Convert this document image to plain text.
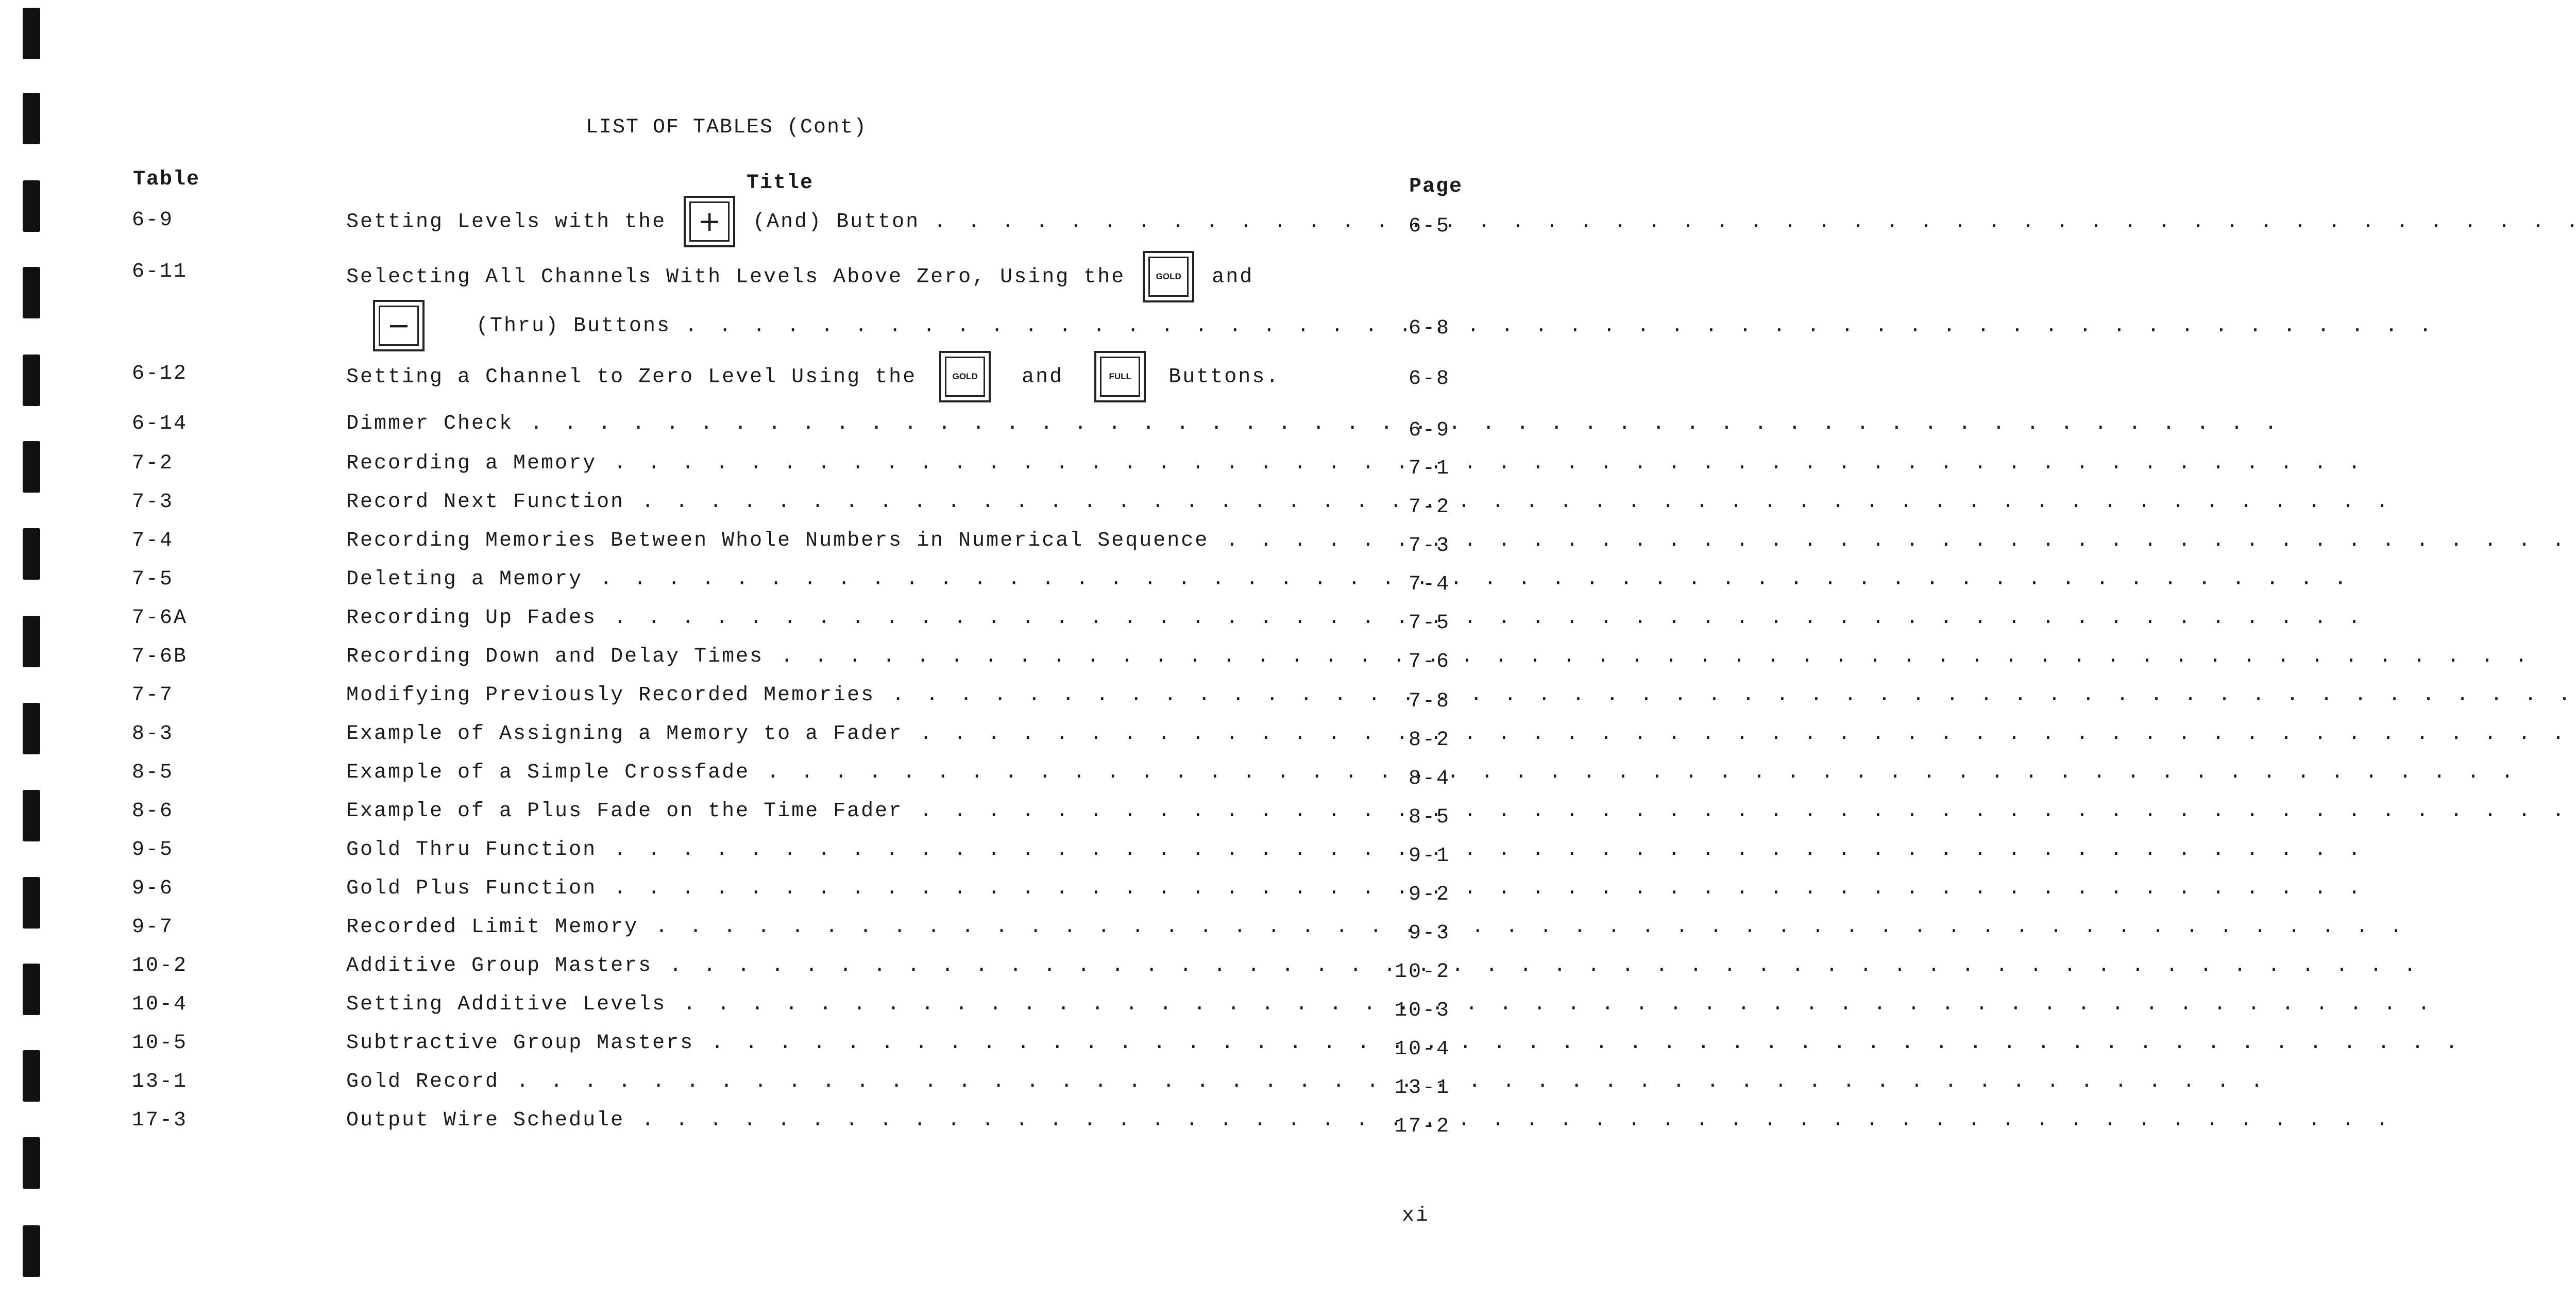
LIST OF TABLES (Cont)
Table	Title	Page
6-9	Setting Levels with the	+	(And) Button . . .	6-5
6-11	Selecting All Channels With Levels Above Zero, Using the	GOLD	and
−	(Thru) Buttons . . .	6-8
6-12	Setting a Channel to Zero Level Using the	GOLD	and	FULL	Buttons.	6-8
6-14	Dimmer Check . . .	6-9
7-2	Recording a Memory . . .	7-1
7-3	Record Next Function . . .	7-2
7-4	Recording Memories Between Whole Numbers in Numerical Sequence . . .	7-3
7-5	Deleting a Memory . . .	7-4
7-6A	Recording Up Fades . . .	7-5
7-6B	Recording Down and Delay Times . . .	7-6
7-7	Modifying Previously Recorded Memories . . .	7-8
8-3	Example of Assigning a Memory to a Fader . . .	8-2
8-5	Example of a Simple Crossfade . . .	8-4
8-6	Example of a Plus Fade on the Time Fader . . .	8-5
9-5	Gold Thru Function . . .	9-1
9-6	Gold Plus Function . . .	9-2
9-7	Recorded Limit Memory . . .	9-3
10-2	Additive Group Masters . . .	10-2
10-4	Setting Additive Levels . . .	10-3
10-5	Subtractive Group Masters . . .	10-4
13-1	Gold Record . . .	13-1
17-3	Output Wire Schedule . . .	17-2
xi
